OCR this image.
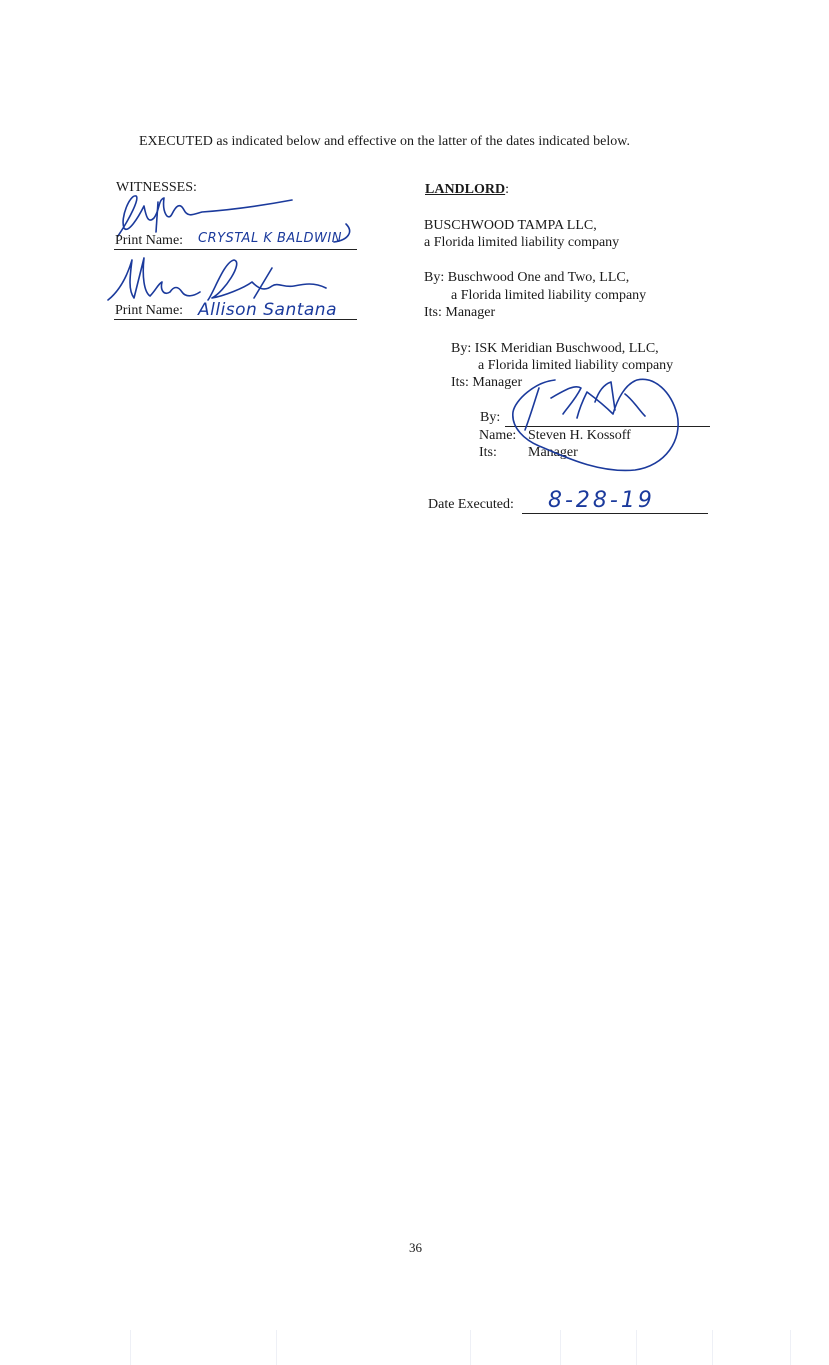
EXECUTED as indicated below and effective on the latter of the dates indicated below.
WITNESSES:
Print Name: CRYSTAL K BALDWIN
Print Name: Allison Santana
LANDLORD:
BUSCHWOOD TAMPA LLC,
a Florida limited liability company
By: Buschwood One and Two, LLC,
a Florida limited liability company
Its: Manager
By: ISK Meridian Buschwood, LLC,
a Florida limited liability company
Its: Manager
By:
Name: Steven H. Kossoff
Its: Manager
Date Executed: 8-28-19
36
